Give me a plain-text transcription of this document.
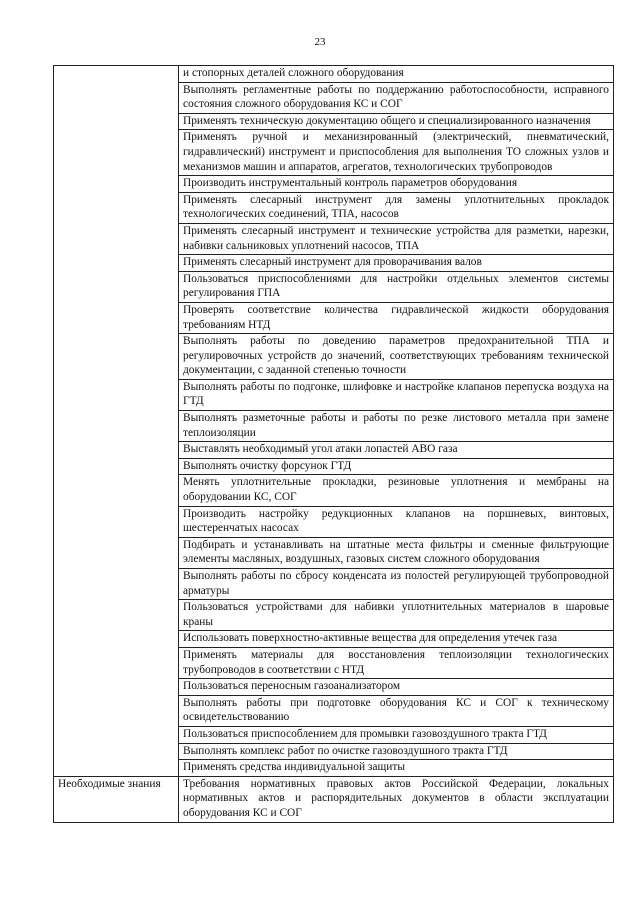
23
	и стопорных деталей сложного оборудования
	Выполнять регламентные работы по поддержанию работоспособности, исправного состояния сложного оборудования КС и СОГ
	Применять техническую документацию общего и специализированного назначения
	Применять ручной и механизированный (электрический, пневматический, гидравлический) инструмент и приспособления для выполнения ТО сложных узлов и механизмов машин и аппаратов, агрегатов, технологических трубопроводов
	Производить инструментальный контроль параметров оборудования
	Применять слесарный инструмент для замены уплотнительных прокладок технологических соединений, ТПА, насосов
	Применять слесарный инструмент и технические устройства для разметки, нарезки, набивки сальниковых уплотнений насосов, ТПА
	Применять слесарный инструмент для проворачивания валов
	Пользоваться приспособлениями для настройки отдельных элементов системы регулирования ГПА
	Проверять соответствие количества гидравлической жидкости оборудования требованиям НТД
	Выполнять работы по доведению параметров предохранительной ТПА и регулировочных устройств до значений, соответствующих требованиям технической документации, с заданной степенью точности
	Выполнять работы по подгонке, шлифовке и настройке клапанов перепуска воздуха на ГТД
	Выполнять разметочные работы и работы по резке листового металла при замене теплоизоляции
	Выставлять необходимый угол атаки лопастей АВО газа
	Выполнять очистку форсунок ГТД
	Менять уплотнительные прокладки, резиновые уплотнения и мембраны на оборудовании КС, СОГ
	Производить настройку редукционных клапанов на поршневых, винтовых, шестеренчатых насосах
	Подбирать и устанавливать на штатные места фильтры и сменные фильтрующие элементы масляных, воздушных, газовых систем сложного оборудования
	Выполнять работы по сбросу конденсата из полостей регулирующей трубопроводной арматуры
	Пользоваться устройствами для набивки уплотнительных материалов в шаровые краны
	Использовать поверхностно-активные вещества для определения утечек газа
	Применять материалы для восстановления теплоизоляции технологических трубопроводов в соответствии с НТД
	Пользоваться переносным газоанализатором
	Выполнять работы при подготовке оборудования КС и СОГ к техническому освидетельствованию
	Пользоваться приспособлением для промывки газовоздушного тракта ГТД
	Выполнять комплекс работ по очистке газовоздушного тракта ГТД
	Применять средства индивидуальной защиты
Необходимые знания	Требования нормативных правовых актов Российской Федерации, локальных нормативных актов и распорядительных документов в области эксплуатации оборудования КС и СОГ
